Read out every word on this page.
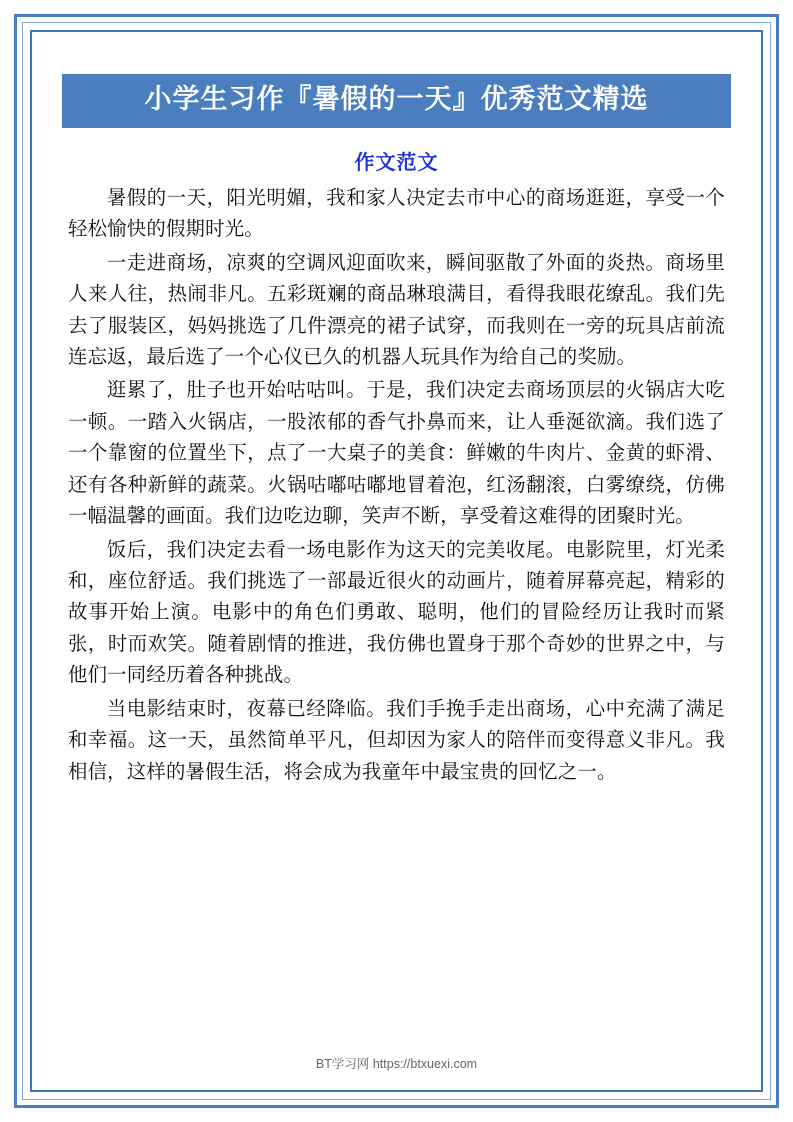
小学生习作『暑假的一天』优秀范文精选
作文范文

暑假的一天，阳光明媚，我和家人决定去市中心的商场逛逛，享受一个轻松愉快的假期时光。

一走进商场，凉爽的空调风迎面吹来，瞬间驱散了外面的炎热。商场里人来人往，热闹非凡。五彩斑斓的商品琳琅满目，看得我眼花缭乱。我们先去了服装区，妈妈挑选了几件漂亮的裙子试穿，而我则在一旁的玩具店前流连忘返，最后选了一个心仪已久的机器人玩具作为给自己的奖励。

逛累了，肚子也开始咕咕叫。于是，我们决定去商场顶层的火锅店大吃一顿。一踏入火锅店，一股浓郁的香气扑鼻而来，让人垂涎欲滴。我们选了一个靠窗的位置坐下，点了一大桌子的美食：鲜嫩的牛肉片、金黄的虾滑、还有各种新鲜的蔬菜。火锅咕嘟咕嘟地冒着泡，红汤翻滚，白雾缭绕，仿佛一幅温馨的画面。我们边吃边聊，笑声不断，享受着这难得的团聚时光。

饭后，我们决定去看一场电影作为这天的完美收尾。电影院里，灯光柔和，座位舒适。我们挑选了一部最近很火的动画片，随着屏幕亮起，精彩的故事开始上演。电影中的角色们勇敢、聪明，他们的冒险经历让我时而紧张，时而欢笑。随着剧情的推进，我仿佛也置身于那个奇妙的世界之中，与他们一同经历着各种挑战。

当电影结束时，夜幕已经降临。我们手挽手走出商场，心中充满了满足和幸福。这一天，虽然简单平凡，但却因为家人的陪伴而变得意义非凡。我相信，这样的暑假生活，将会成为我童年中最宝贵的回忆之一。

BT学习网 https://btxuexi.com
